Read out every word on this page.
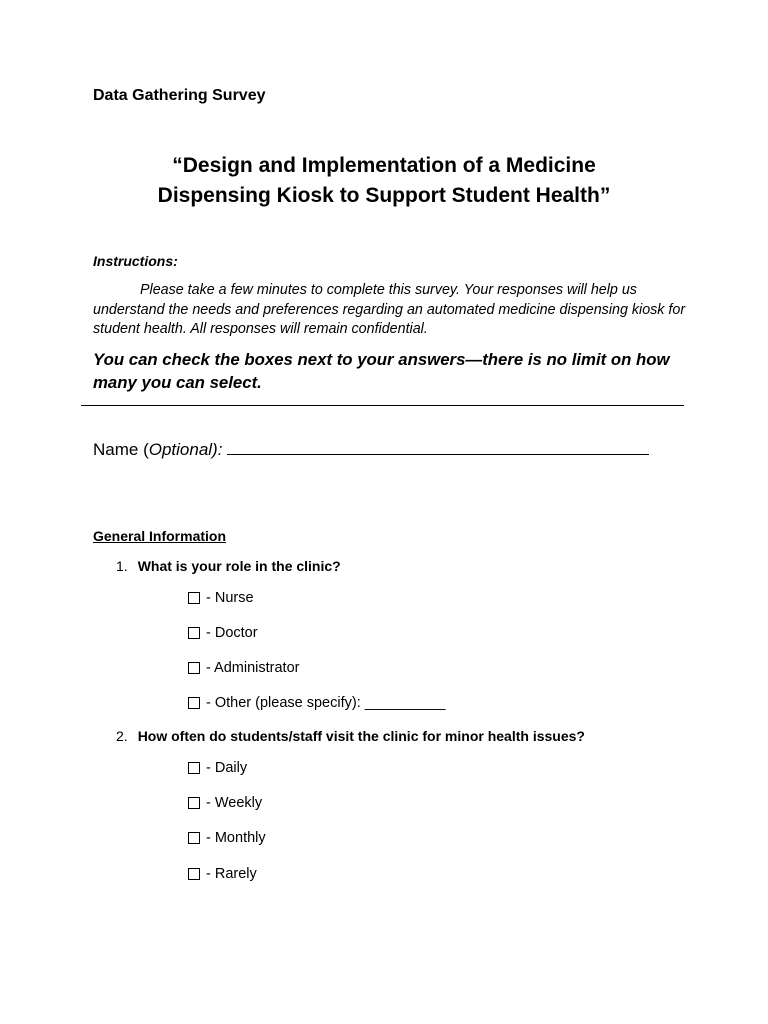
Data Gathering Survey
“Design and Implementation of a Medicine
Dispensing Kiosk to Support Student Health”
Instructions:
Please take a few minutes to complete this survey. Your responses will help us understand the needs and preferences regarding an automated medicine dispensing kiosk for student health. All responses will remain confidential.
You can check the boxes next to your answers—there is no limit on how many you can select.
Name (Optional):
General Information
1. What is your role in the clinic?
- Nurse
- Doctor
- Administrator
- Other (please specify): __________
2. How often do students/staff visit the clinic for minor health issues?
- Daily
- Weekly
- Monthly
- Rarely
